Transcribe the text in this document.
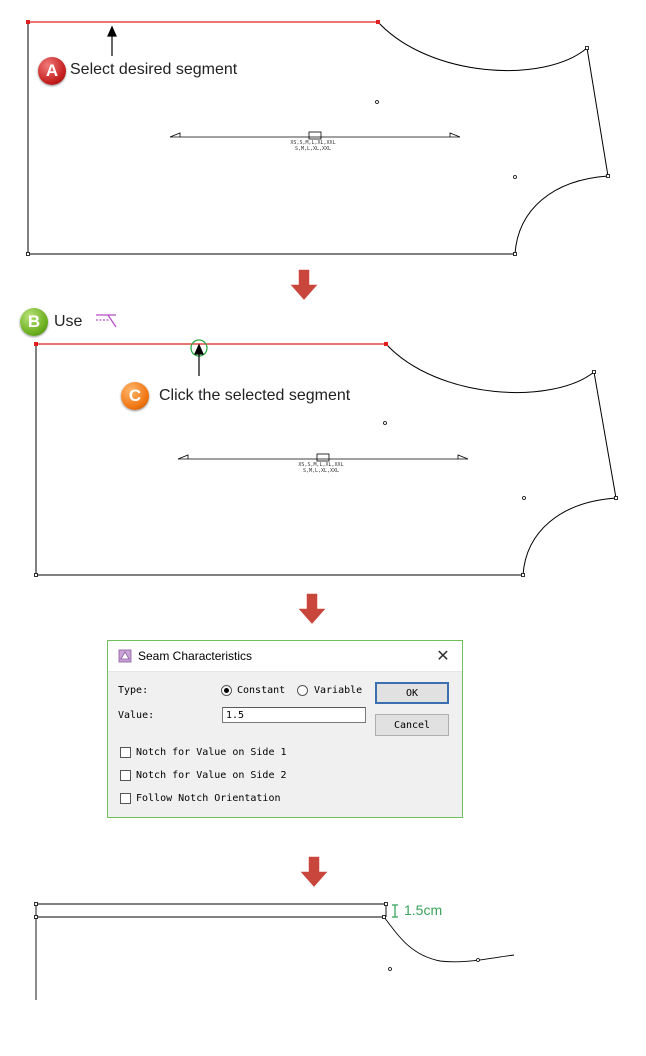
XS,S,M,L,XL,XXL
S,M,L,XL,XXL
A Select desired segment
B Use
XS,S,M,L,XL,XXL
S,M,L,XL,XXL
C	Click the selected segment
Seam Characteristics	✕
Type:	Constant	Variable
Value:
1.5
OK
Cancel
Notch for Value on Side 1
Notch for Value on Side 2
Follow Notch Orientation
1.5cm
